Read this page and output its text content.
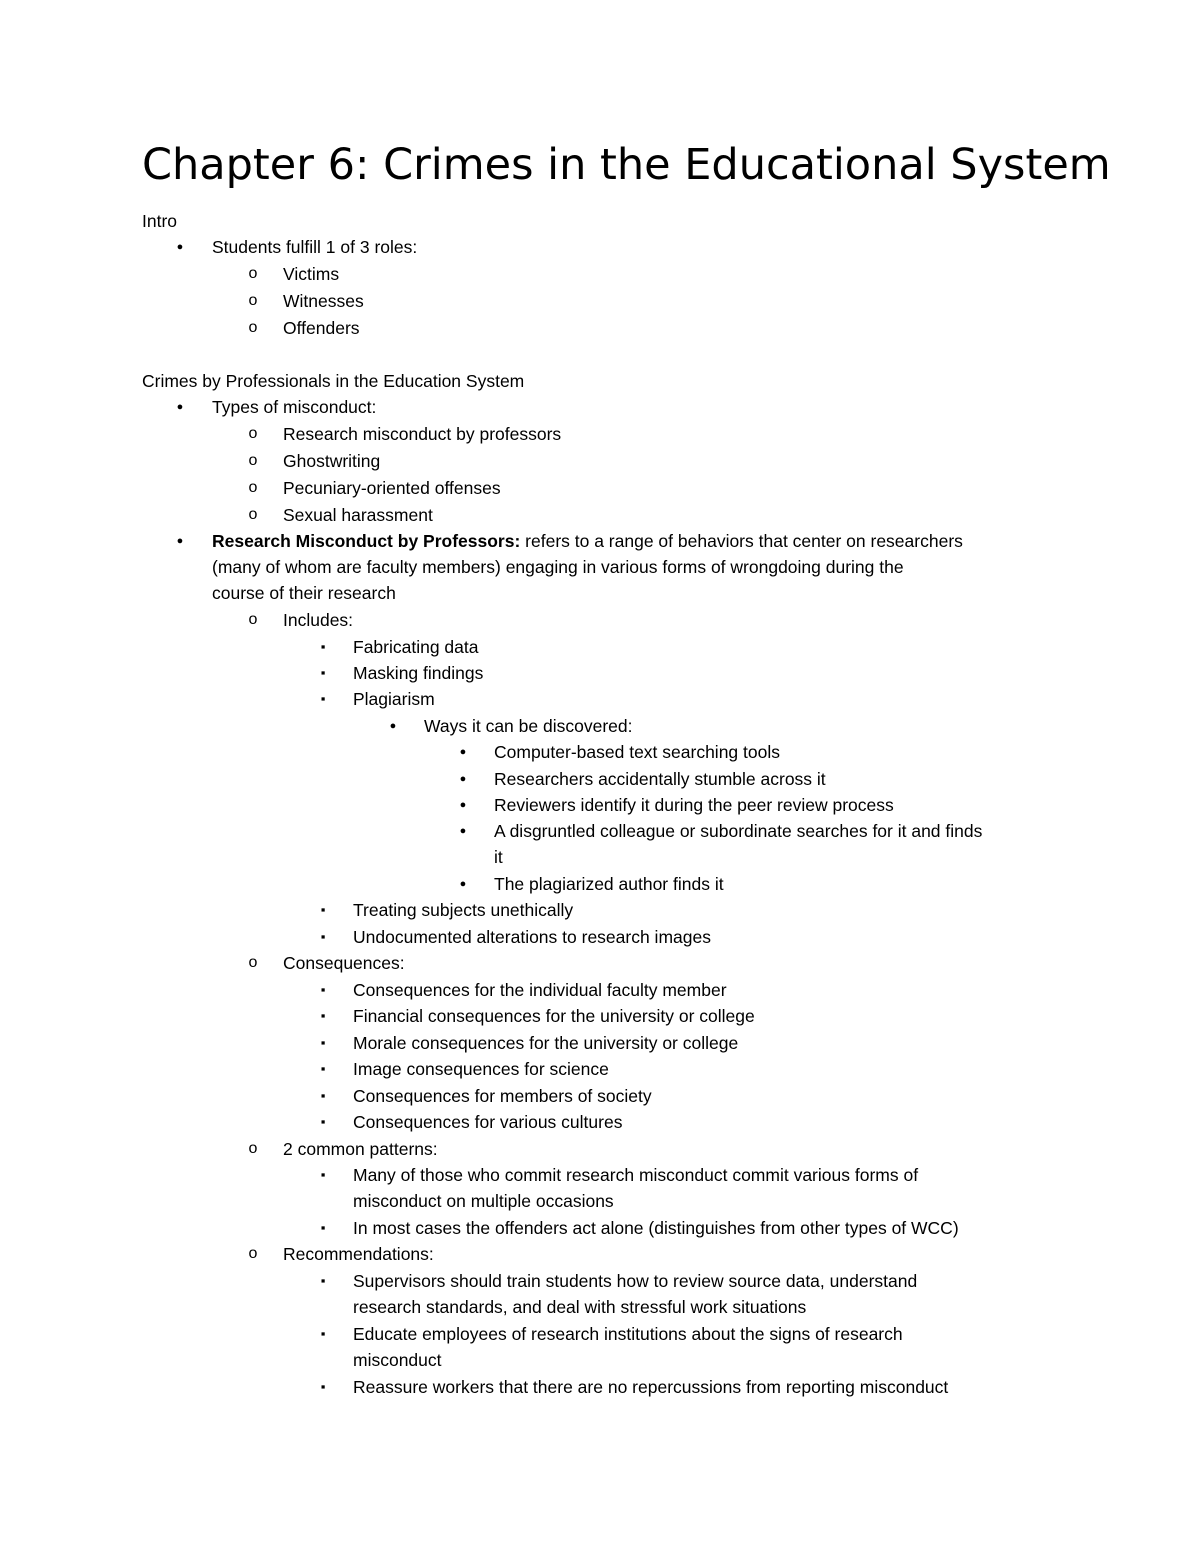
Chapter 6: Crimes in the Educational System
Intro
●
Students fulfill 1 of 3 roles:
o
Victims
o
Witnesses
o
Offenders
Crimes by Professionals in the Education System
●
Types of misconduct:
o
Research misconduct by professors
o
Ghostwriting
o
Pecuniary-oriented offenses
o
Sexual harassment
●
Research Misconduct by Professors: refers to a range of behaviors that center on researchers
(many of whom are faculty members) engaging in various forms of wrongdoing during the
course of their research
o
Includes:
▪
Fabricating data
▪
Masking findings
▪
Plagiarism
●
Ways it can be discovered:
●
Computer-based text searching tools
●
Researchers accidentally stumble across it
●
Reviewers identify it during the peer review process
●
A disgruntled colleague or subordinate searches for it and finds
it
●
The plagiarized author finds it
▪
Treating subjects unethically
▪
Undocumented alterations to research images
o
Consequences:
▪
Consequences for the individual faculty member
▪
Financial consequences for the university or college
▪
Morale consequences for the university or college
▪
Image consequences for science
▪
Consequences for members of society
▪
Consequences for various cultures
o
2 common patterns:
▪
Many of those who commit research misconduct commit various forms of
misconduct on multiple occasions
▪
In most cases the offenders act alone (distinguishes from other types of WCC)
o
Recommendations:
▪
Supervisors should train students how to review source data, understand
research standards, and deal with stressful work situations
▪
Educate employees of research institutions about the signs of research
misconduct
▪
Reassure workers that there are no repercussions from reporting misconduct
